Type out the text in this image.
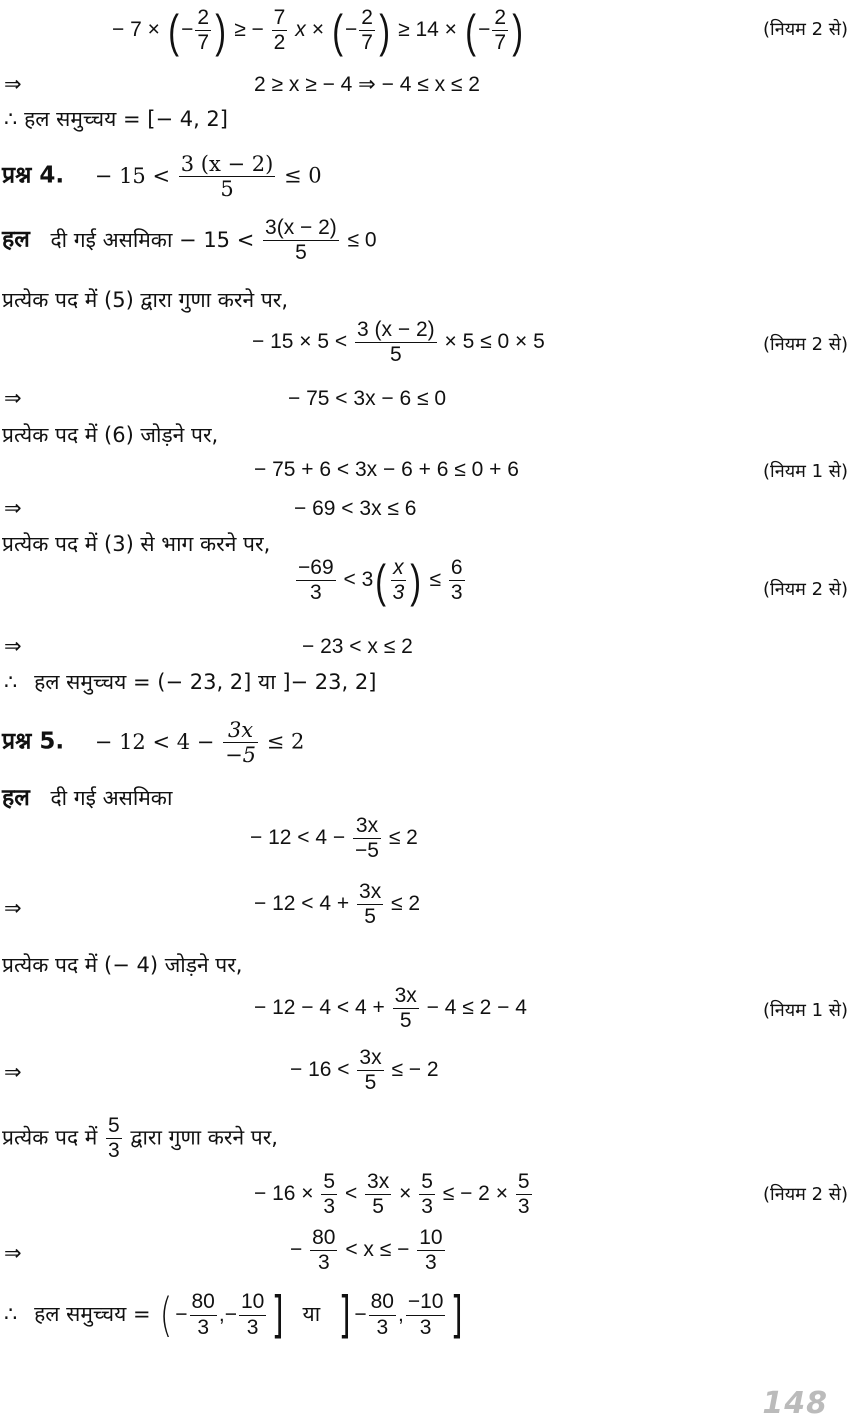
− 7 × ( − $\frac{2}{7}$ ) ≥ − $\frac{7}{2}$ x × ( − $\frac{2}{7}$ ) ≥ 14 × ( − $\frac{2}{7}$ )	(नियम 2 से)
⇒	2 ≥ x ≥ − 4 ⇒ − 4 ≤ x ≤ 2
∴ हल समुच्चय = [− 4, 2]
प्रश्न 4. − $15 < \frac{3 (x - 2)}{5} \le 0$
हल दी गई असमिका − $15 < \frac{3(x - 2)}{5} \le 0$
प्रत्येक पद में (5) द्वारा गुणा करने पर,
− $15 \times 5 < \frac{3 (x - 2)}{5} \times 5 \le 0 \times 5$	(नियम 2 से)
⇒	− 75 < 3x − 6 ≤ 0
प्रत्येक पद में (6) जोड़ने पर,
− 75 + 6 < 3x − 6 + 6 ≤ 0 + 6	(नियम 1 से)
⇒	− 69 < 3x ≤ 6
प्रत्येक पद में (3) से भाग करने पर,
$\frac{-69}{3} < 3( \frac{x}{3}$ ) ≤ $\frac{6}{3}$	(नियम 2 से)
⇒	− 23 < x ≤ 2
∴ हल समुच्चय = (− 23, 2] या ]− 23, 2]
प्रश्न 5. − $12 < 4 - \frac{3x}{-5} \le 2$
हल दी गई असमिका
− $12 < 4 - \frac{3x}{-5} \le 2$
⇒	− $12 < 4 + \frac{3x}{5} \le 2$
प्रत्येक पद में (− 4) जोड़ने पर,
− $12 - 4 < 4 + \frac{3x}{5} - 4 \le 2 - 4$	(नियम 1 से)
⇒	− $16 < \frac{3x}{5}$ ≤ − 2
प्रत्येक पद में $\frac{5}{3}$ द्वारा गुणा करने पर,
− $16 \times \frac{5}{3} < \frac{3x}{5} \times \frac{5}{3}$ ≤ − $2 \times \frac{5}{3}$	(नियम 2 से)
⇒	− $\frac{80}{3} < x$ ≤ − $\frac{10}{3}$
∴ हल समुच्चय = ( − $\frac{80}{3}$ ,− $\frac{10}{3}$ ] या ] − $\frac{80}{3}$ , $\frac{-10}{3}$ ]
148
